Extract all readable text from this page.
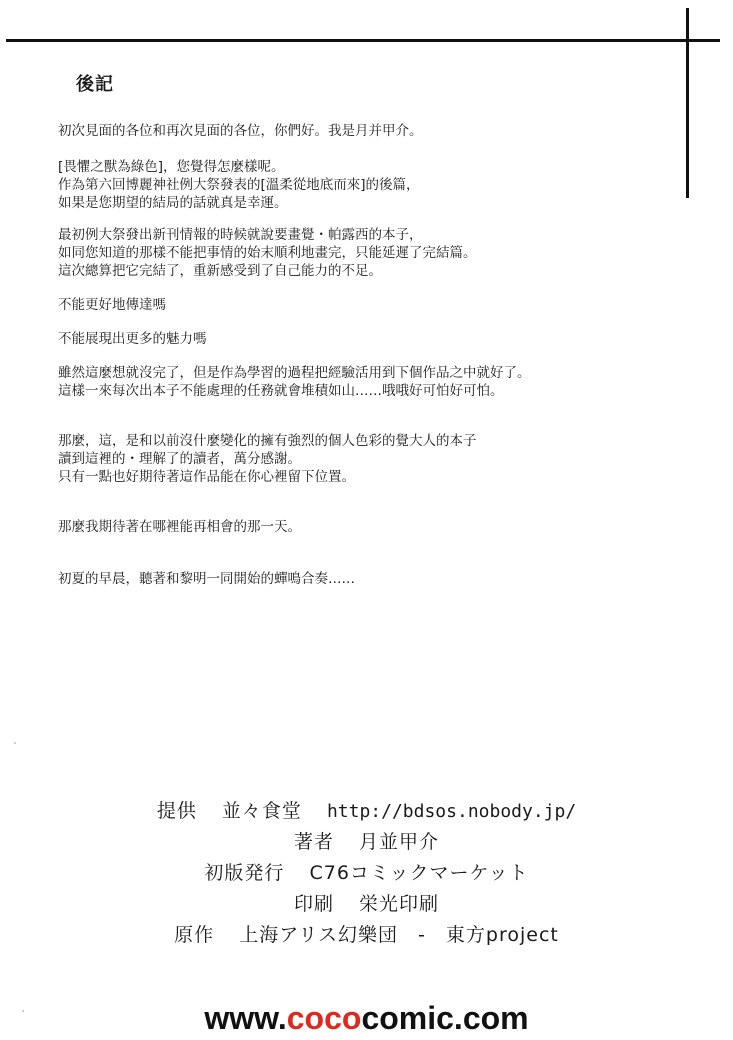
後記
初次見面的各位和再次見面的各位，你們好。我是月并甲介。
[畏懼之獸為綠色]，您覺得怎麼樣呢。
作為第六回博麗神社例大祭發表的[溫柔從地底而來]的後篇，
如果是您期望的結局的話就真是幸運。
最初例大祭發出新刊情報的時候就說要畫覺・帕露西的本子，
如同您知道的那樣不能把事情的始末順利地畫完，只能延遲了完結篇。
這次總算把它完結了，重新感受到了自己能力的不足。
不能更好地傳達嗎
不能展現出更多的魅力嗎
雖然這麼想就沒完了，但是作為學習的過程把經驗活用到下個作品之中就好了。
這樣一來每次出本子不能處理的任務就會堆積如山……哦哦好可怕好可怕。
那麼，這，是和以前沒什麼變化的擁有強烈的個人色彩的覺大人的本子
讀到這裡的・理解了的讀者，萬分感謝。
只有一點也好期待著這作品能在你心裡留下位置。
那麼我期待著在哪裡能再相會的那一天。
初夏的早晨，聽著和黎明一同開始的蟬鳴合奏……
提供 並々食堂 http://bdsos.nobody.jp/
著者 月並甲介
初版発行 C76コミックマーケット
印刷 栄光印刷
原作 上海アリス幻樂団　-　東方project
www.cococomic.com
